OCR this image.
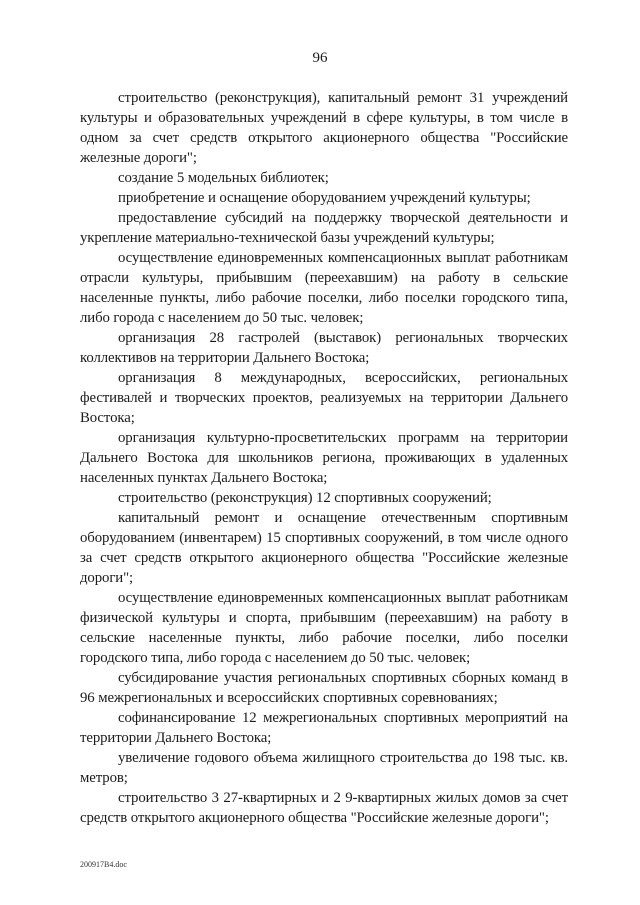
96

строительство (реконструкция), капитальный ремонт 31 учреждений культуры и образовательных учреждений в сфере культуры, в том числе в одном за счет средств открытого акционерного общества "Российские железные дороги";

создание 5 модельных библиотек;

приобретение и оснащение оборудованием учреждений культуры;

предоставление субсидий на поддержку творческой деятельности и укрепление материально-технической базы учреждений культуры;

осуществление единовременных компенсационных выплат работникам отрасли культуры, прибывшим (переехавшим) на работу в сельские населенные пункты, либо рабочие поселки, либо поселки городского типа, либо города с населением до 50 тыс. человек;

организация 28 гастролей (выставок) региональных творческих коллективов на территории Дальнего Востока;

организация 8 международных, всероссийских, региональных фестивалей и творческих проектов, реализуемых на территории Дальнего Востока;

организация культурно-просветительских программ на территории Дальнего Востока для школьников региона, проживающих в удаленных населенных пунктах Дальнего Востока;

строительство (реконструкция) 12 спортивных сооружений;

капитальный ремонт и оснащение отечественным спортивным оборудованием (инвентарем) 15 спортивных сооружений, в том числе одного за счет средств открытого акционерного общества "Российские железные дороги";

осуществление единовременных компенсационных выплат работникам физической культуры и спорта, прибывшим (переехавшим) на работу в сельские населенные пункты, либо рабочие поселки, либо поселки городского типа, либо города с населением до 50 тыс. человек;

субсидирование участия региональных спортивных сборных команд в 96 межрегиональных и всероссийских спортивных соревнованиях;

софинансирование 12 межрегиональных спортивных мероприятий на территории Дальнего Востока;

увеличение годового объема жилищного строительства до 198 тыс. кв. метров;

строительство 3 27-квартирных и 2 9-квартирных жилых домов за счет средств открытого акционерного общества "Российские железные дороги";

200917В4.doc
